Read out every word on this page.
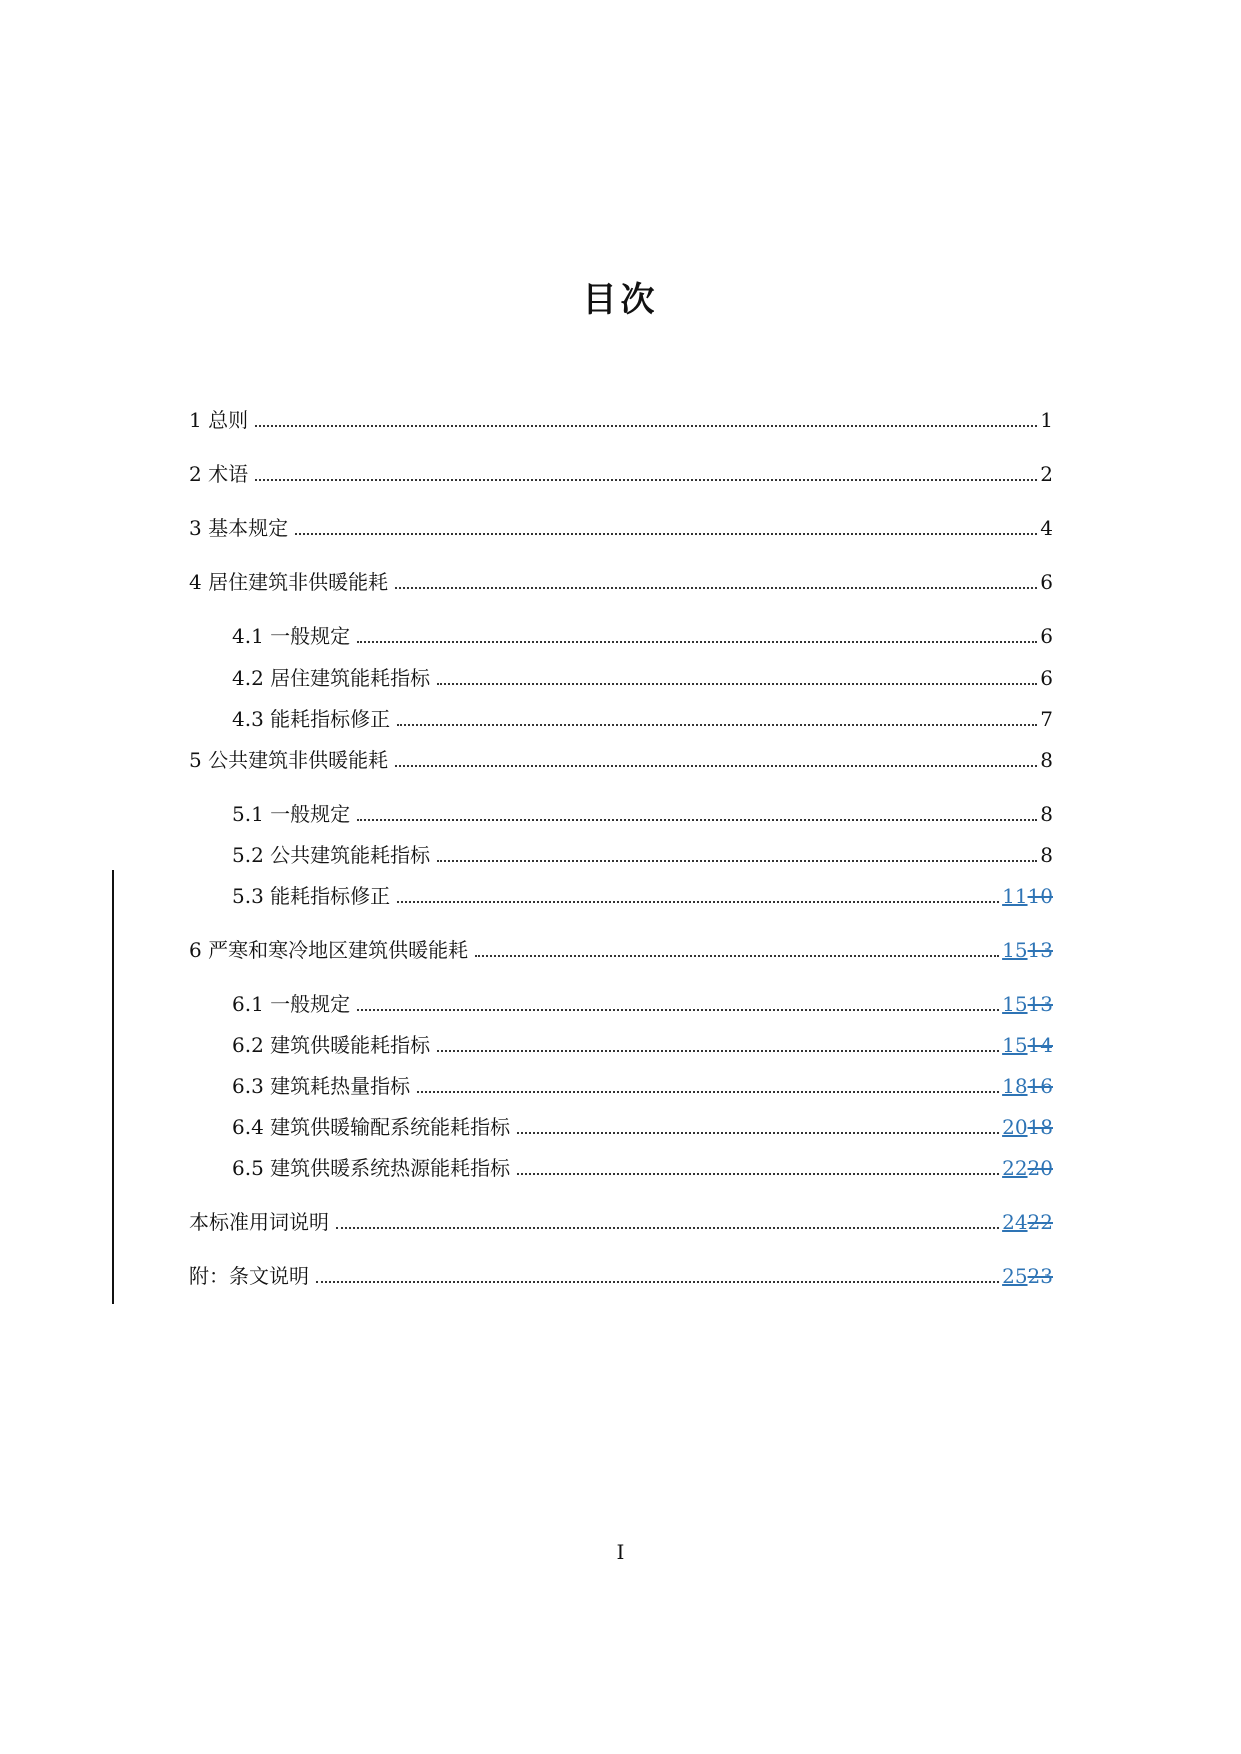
目次
1 总则	1
2 术语	2
3 基本规定	4
4 居住建筑非供暖能耗	6
4.1 一般规定	6
4.2 居住建筑能耗指标	6
4.3 能耗指标修正	7
5 公共建筑非供暖能耗	8
5.1 一般规定	8
5.2 公共建筑能耗指标	8
5.3 能耗指标修正	1110
6 严寒和寒冷地区建筑供暖能耗	1513
6.1 一般规定	1513
6.2 建筑供暖能耗指标	1514
6.3 建筑耗热量指标	1816
6.4 建筑供暖输配系统能耗指标	2018
6.5 建筑供暖系统热源能耗指标	2220
本标准用词说明	2422
附：条文说明	2523
I
